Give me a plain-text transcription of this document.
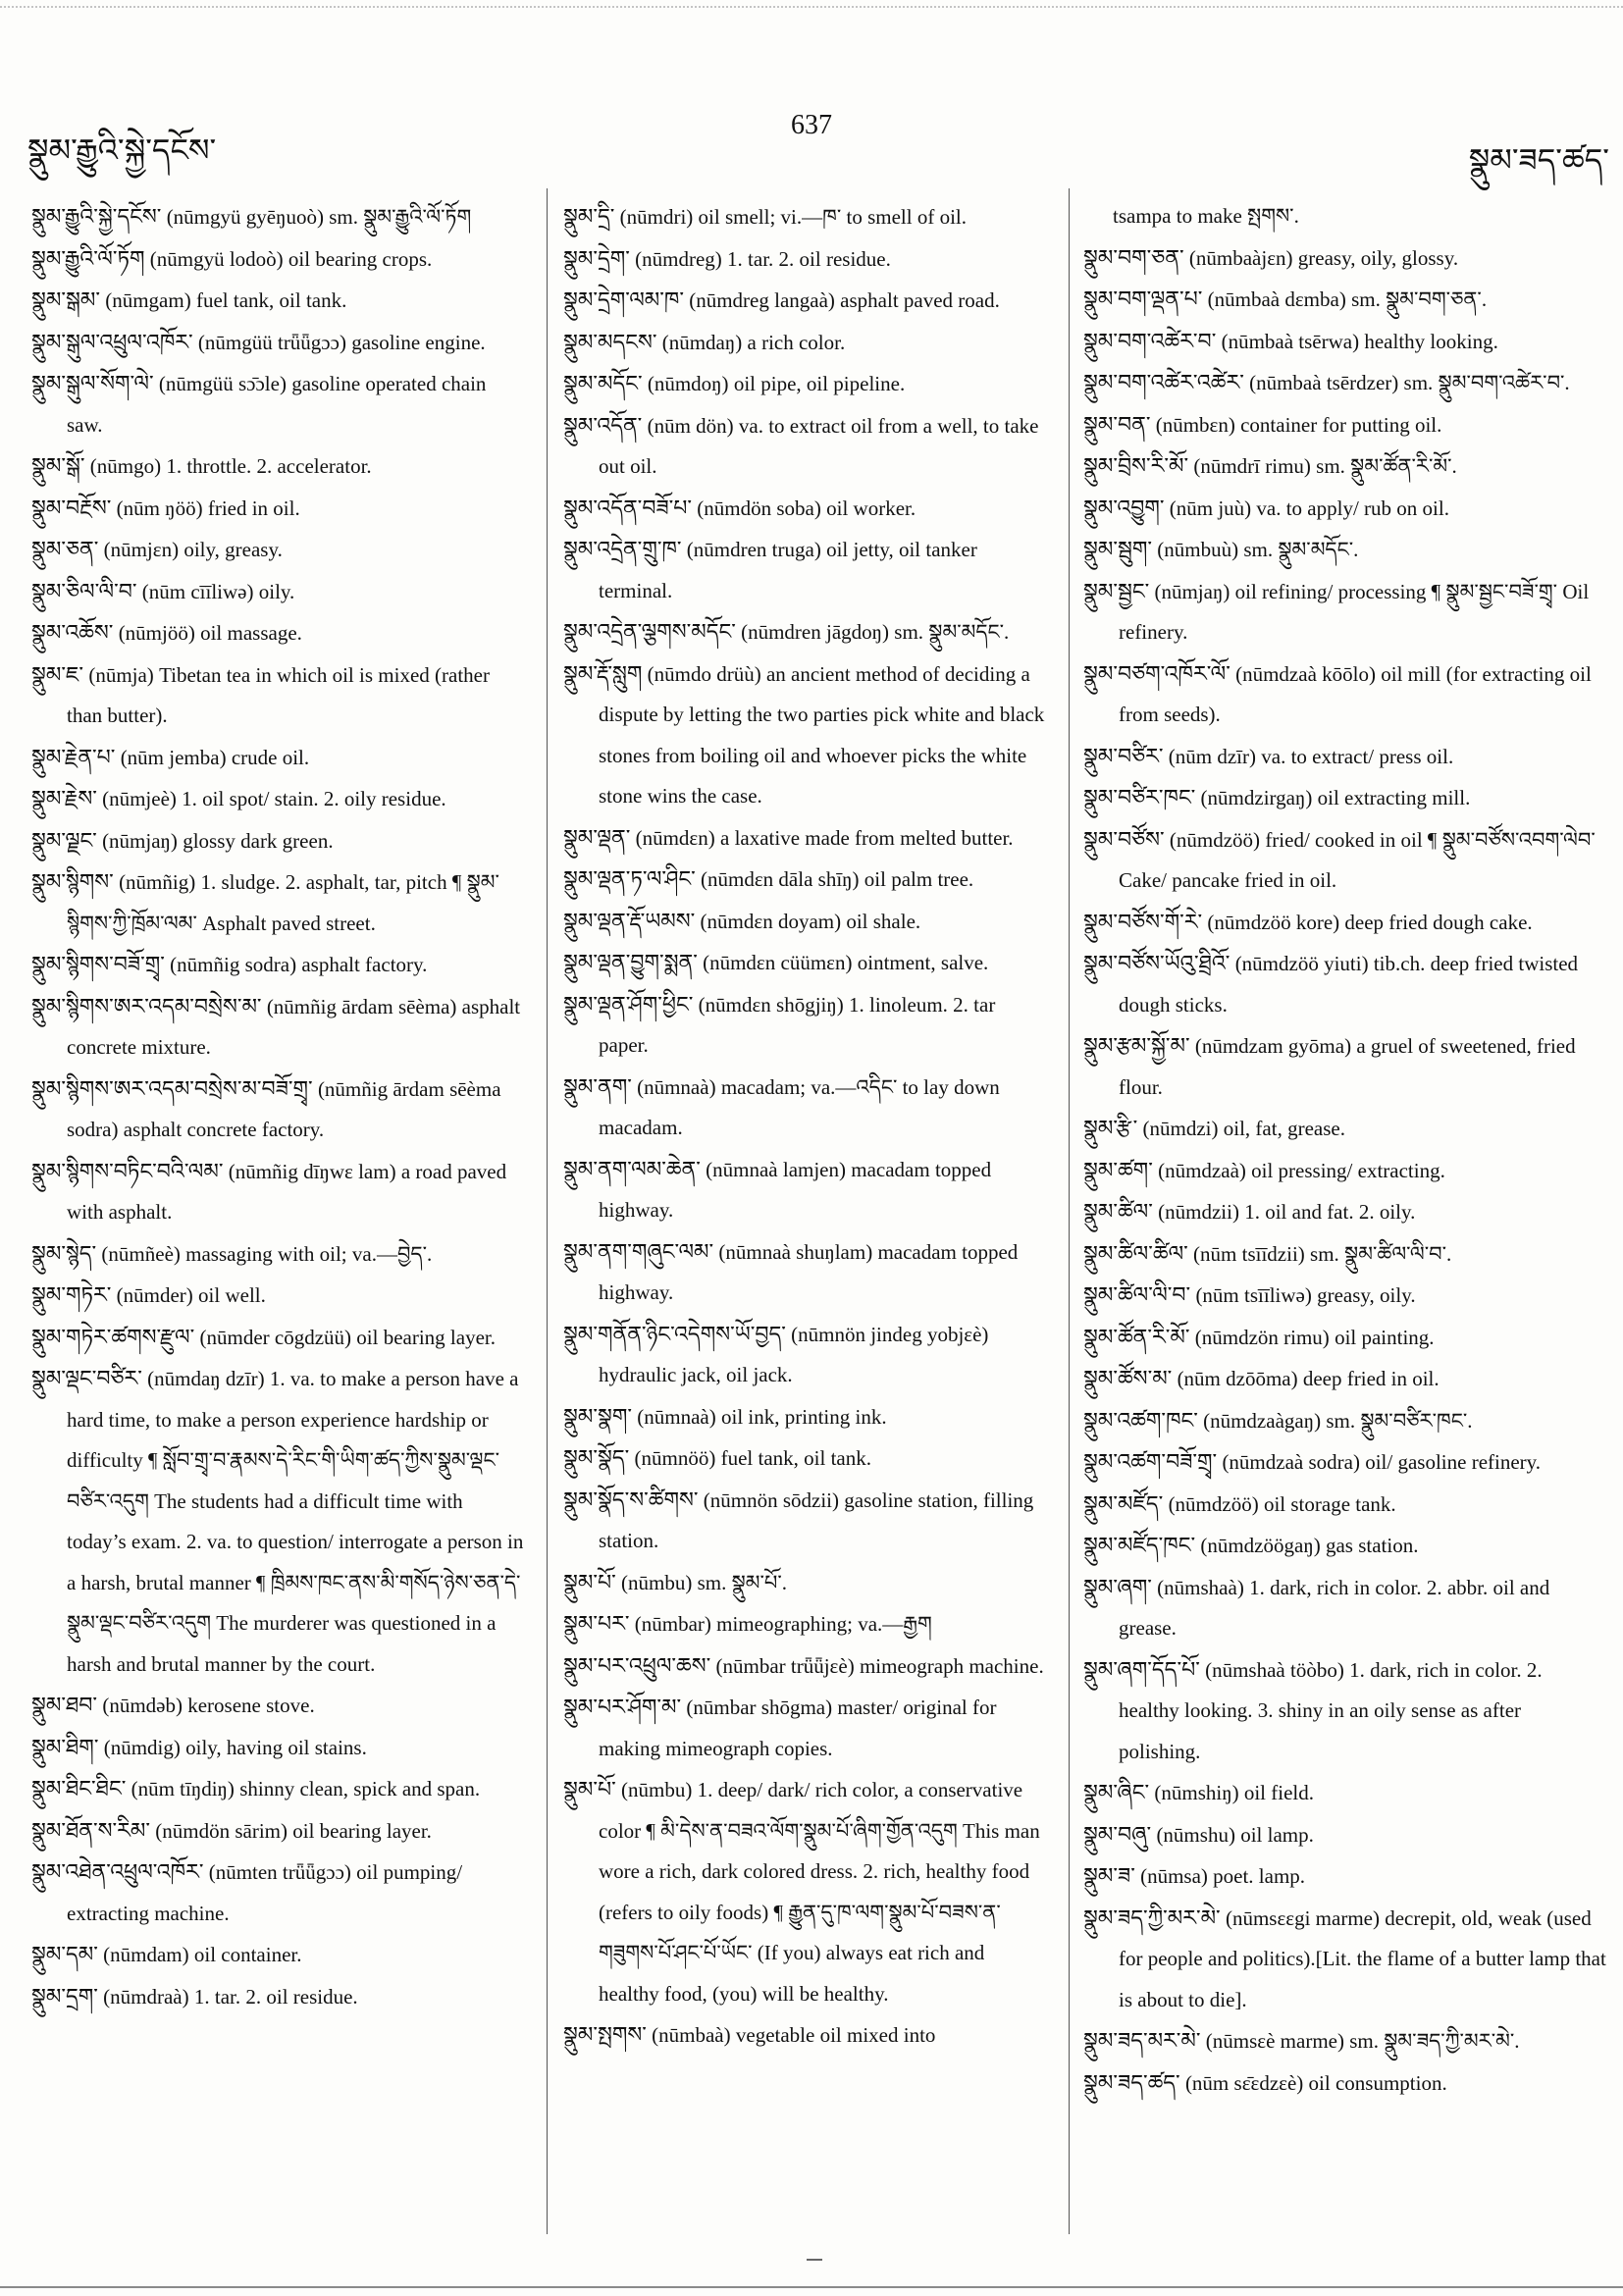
སྣུམ་རྒྱུའི་སྐྱེ་དངོས་
637
སྣུམ་ཟད་ཚད་
སྣུམ་རྒྱུའི་སྐྱེ་དངོས་ (nūmgyü gyēŋuoò) sm. སྣུམ་རྒྱུའི་ལོ་ཏོག
སྣུམ་རྒྱུའི་ལོ་ཏོག (nūmgyü lodoò) oil bearing crops.
སྣུམ་སྒམ་ (nūmgam) fuel tank, oil tank.
སྣུམ་སྒུལ་འཕྲུལ་འཁོར་ (nūmgüü trǖǖgɔɔ) gasoline engine.
སྣུམ་སྒུལ་སོག་ལེ་ (nūmgüü sɔ̄ɔle) gasoline operated chain saw.
སྣུམ་སྒོ་ (nūmgo) 1. throttle. 2. accelerator.
སྣུམ་བརྔོས་ (nūm ŋöö) fried in oil.
སྣུམ་ཅན་ (nūmjɛn) oily, greasy.
སྣུམ་ཅིལ་ལི་བ་ (nūm cīīliwə) oily.
སྣུམ་འཆོས་ (nūmjöö) oil massage.
སྣུམ་ཇ་ (nūmja) Tibetan tea in which oil is mixed (rather than butter).
སྣུམ་རྗེན་པ་ (nūm jemba) crude oil.
སྣུམ་རྗེས་ (nūmjeè) 1. oil spot/ stain. 2. oily residue.
སྣུམ་ལྗང་ (nūmjaŋ) glossy dark green.
སྣུམ་སྙིགས་ (nūmñig) 1. sludge. 2. asphalt, tar, pitch ¶ སྣུམ་སྙིགས་ཀྱི་ཁྲོམ་ལམ་ Asphalt paved street.
སྣུམ་སྙིགས་བཟོ་གྲྭ་ (nūmñig sodra) asphalt factory.
སྣུམ་སྙིགས་ཨར་འདམ་བསྲེས་མ་ (nūmñig ārdam sēèma) asphalt concrete mixture.
སྣུམ་སྙིགས་ཨར་འདམ་བསྲེས་མ་བཟོ་གྲྭ་ (nūmñig ārdam sēèma sodra) asphalt concrete factory.
སྣུམ་སྙིགས་བཏིང་བའི་ལམ་ (nūmñig dīŋwɛ lam) a road paved with asphalt.
སྣུམ་སྙེད་ (nūmñeè) massaging with oil; va.—བྱེད་.
སྣུམ་གཏེར་ (nūmder) oil well.
སྣུམ་གཏེར་ཚགས་རྫུལ་ (nūmder cōgdzüü) oil bearing layer.
སྣུམ་ལྡང་བཙིར་ (nūmdaŋ dzīr) 1. va. to make a person have a hard time, to make a person experience hardship or difficulty ¶ སློབ་གྲྭ་བ་རྣམས་དེ་རིང་གི་ཡིག་ཚད་ཀྱིས་སྣུམ་ལྡང་བཙིར་འདུག The students had a difficult time with today’s exam. 2. va. to question/ interrogate a person in a harsh, brutal manner ¶ ཁྲིམས་ཁང་ནས་མི་གསོད་ཉེས་ཅན་དེ་སྣུམ་ལྡང་བཙིར་འདུག The murderer was questioned in a harsh and brutal manner by the court.
སྣུམ་ཐབ་ (nūmdəb) kerosene stove.
སྣུམ་ཐིག་ (nūmdig) oily, having oil stains.
སྣུམ་ཐིང་ཐིང་ (nūm tīŋdiŋ) shinny clean, spick and span.
སྣུམ་ཐོན་ས་རིམ་ (nūmdön sārim) oil bearing layer.
སྣུམ་འཐེན་འཕྲུལ་འཁོར་ (nūmten trǖǖgɔɔ) oil pumping/ extracting machine.
སྣུམ་དམ་ (nūmdam) oil container.
སྣུམ་དྲག་ (nūmdraà) 1. tar. 2. oil residue.
སྣུམ་དྲི་ (nūmdri) oil smell; vi.—ཁ་ to smell of oil.
སྣུམ་དྲེག་ (nūmdreg) 1. tar. 2. oil residue.
སྣུམ་དྲེག་ལམ་ཁ་ (nūmdreg langaà) asphalt paved road.
སྣུམ་མདངས་ (nūmdaŋ) a rich color.
སྣུམ་མདོང་ (nūmdoŋ) oil pipe, oil pipeline.
སྣུམ་འདོན་ (nūm dön) va. to extract oil from a well, to take out oil.
སྣུམ་འདོན་བཟོ་པ་ (nūmdön soba) oil worker.
སྣུམ་འདྲེན་གྲུ་ཁ་ (nūmdren truga) oil jetty, oil tanker terminal.
སྣུམ་འདྲེན་ལྕགས་མདོང་ (nūmdren jāgdoŋ) sm. སྣུམ་མདོང་.
སྣུམ་རྡོ་སླུག (nūmdo drüù) an ancient method of deciding a dispute by letting the two parties pick white and black stones from boiling oil and whoever picks the white stone wins the case.
སྣུམ་ལྡན་ (nūmdɛn) a laxative made from melted butter.
སྣུམ་ལྡན་ཏ་ལ་ཤིང་ (nūmdɛn dāla shīŋ) oil palm tree.
སྣུམ་ལྡན་རྡོ་ཡམས་ (nūmdɛn doyam) oil shale.
སྣུམ་ལྡན་བྱུག་སྨན་ (nūmdɛn cüümɛn) ointment, salve.
སྣུམ་ལྡན་ཤོག་ཕྱིང་ (nūmdɛn shōgjiŋ) 1. linoleum. 2. tar paper.
སྣུམ་ནག་ (nūmnaà) macadam; va.—འདིང་ to lay down macadam.
སྣུམ་ནག་ལམ་ཆེན་ (nūmnaà lamjen) macadam topped highway.
སྣུམ་ནག་གཞུང་ལམ་ (nūmnaà shuŋlam) macadam topped highway.
སྣུམ་གནོན་ཉིང་འདེགས་ཡོ་བྱད་ (nūmnön jindeg yobjɛè) hydraulic jack, oil jack.
སྣུམ་སྣག་ (nūmnaà) oil ink, printing ink.
སྣུམ་སྣོད་ (nūmnöö) fuel tank, oil tank.
སྣུམ་སྣོད་ས་ཚིགས་ (nūmnön sōdzii) gasoline station, filling station.
སྣུམ་པོ་ (nūmbu) sm. སྣུམ་པོ་.
སྣུམ་པར་ (nūmbar) mimeographing; va.—རྒྱག
སྣུམ་པར་འཕྲུལ་ཆས་ (nūmbar trǖǖjɛè) mimeograph machine.
སྣུམ་པར་ཤོག་མ་ (nūmbar shōgma) master/ original for making mimeograph copies.
སྣུམ་པོ་ (nūmbu) 1. deep/ dark/ rich color, a conservative color ¶ མི་དེས་ན་བཟའ་ལོག་སྣུམ་པོ་ཞིག་གྱོན་འདུག This man wore a rich, dark colored dress. 2. rich, healthy food (refers to oily foods) ¶ རྒྱུན་དུ་ཁ་ལག་སྣུམ་པོ་བཟས་ན་གཟུགས་པོ་ཤང་པོ་ཡོང་ (If you) always eat rich and healthy food, (you) will be healthy.
སྣུམ་སྤགས་ (nūmbaà) vegetable oil mixed into
tsampa to make སྤགས་.
སྣུམ་བག་ཅན་ (nūmbaàjɛn) greasy, oily, glossy.
སྣུམ་བག་ལྡན་པ་ (nūmbaà dɛmba) sm. སྣུམ་བག་ཅན་.
སྣུམ་བག་འཚེར་བ་ (nūmbaà tsērwa) healthy looking.
སྣུམ་བག་འཚེར་འཚེར་ (nūmbaà tsērdzer) sm. སྣུམ་བག་འཚེར་བ་.
སྣུམ་བན་ (nūmbɛn) container for putting oil.
སྣུམ་བྲིས་རི་མོ་ (nūmdrī rimu) sm. སྣུམ་ཚོན་རི་མོ་.
སྣུམ་འབྱུག་ (nūm juù) va. to apply/ rub on oil.
སྣུམ་སྦུག་ (nūmbuù) sm. སྣུམ་མདོང་.
སྣུམ་སྦྱང་ (nūmjaŋ) oil refining/ processing ¶ སྣུམ་སྦྱང་བཟོ་གྲྭ་ Oil refinery.
སྣུམ་བཙག་འཁོར་ལོ་ (nūmdzaà kōōlo) oil mill (for extracting oil from seeds).
སྣུམ་བཙིར་ (nūm dzīr) va. to extract/ press oil.
སྣུམ་བཙིར་ཁང་ (nūmdzirgaŋ) oil extracting mill.
སྣུམ་བཙོས་ (nūmdzöö) fried/ cooked in oil ¶ སྣུམ་བཙོས་འབག་ལེབ་ Cake/ pancake fried in oil.
སྣུམ་བཙོས་གོ་རེ་ (nūmdzöö kore) deep fried dough cake.
སྣུམ་བཙོས་ཡོའུ་ཐྲིའོ་ (nūmdzöö yiuti) tib.ch. deep fried twisted dough sticks.
སྣུམ་རྩམ་སྐྱོ་མ་ (nūmdzam gyōma) a gruel of sweetened, fried flour.
སྣུམ་རྩི་ (nūmdzi) oil, fat, grease.
སྣུམ་ཚག་ (nūmdzaà) oil pressing/ extracting.
སྣུམ་ཚིལ་ (nūmdzii) 1. oil and fat. 2. oily.
སྣུམ་ཚིལ་ཚིལ་ (nūm tsīīdzii) sm. སྣུམ་ཚིལ་ལི་བ་.
སྣུམ་ཚིལ་ལི་བ་ (nūm tsīīliwə) greasy, oily.
སྣུམ་ཚོན་རི་མོ་ (nūmdzön rimu) oil painting.
སྣུམ་ཚོས་མ་ (nūm dzōōma) deep fried in oil.
སྣུམ་འཚག་ཁང་ (nūmdzaàgaŋ) sm. སྣུམ་བཙིར་ཁང་.
སྣུམ་འཚག་བཟོ་གྲྭ་ (nūmdzaà sodra) oil/ gasoline refinery.
སྣུམ་མཛོད་ (nūmdzöö) oil storage tank.
སྣུམ་མཛོད་ཁང་ (nūmdzöögaŋ) gas station.
སྣུམ་ཞག་ (nūmshaà) 1. dark, rich in color. 2. abbr. oil and grease.
སྣུམ་ཞག་དོད་པོ་ (nūmshaà töòbo) 1. dark, rich in color. 2. healthy looking. 3. shiny in an oily sense as after polishing.
སྣུམ་ཞིང་ (nūmshiŋ) oil field.
སྣུམ་བཞུ་ (nūmshu) oil lamp.
སྣུམ་ཟ་ (nūmsa) poet. lamp.
སྣུམ་ཟད་ཀྱི་མར་མེ་ (nūmsɛɛgi marme) decrepit, old, weak (used for people and politics).[Lit. the flame of a butter lamp that is about to die].
སྣུམ་ཟད་མར་མེ་ (nūmsɛè marme) sm. སྣུམ་ཟད་ཀྱི་མར་མེ་.
སྣུམ་ཟད་ཚད་ (nūm sɛ̄ɛdzɛè) oil consumption.
